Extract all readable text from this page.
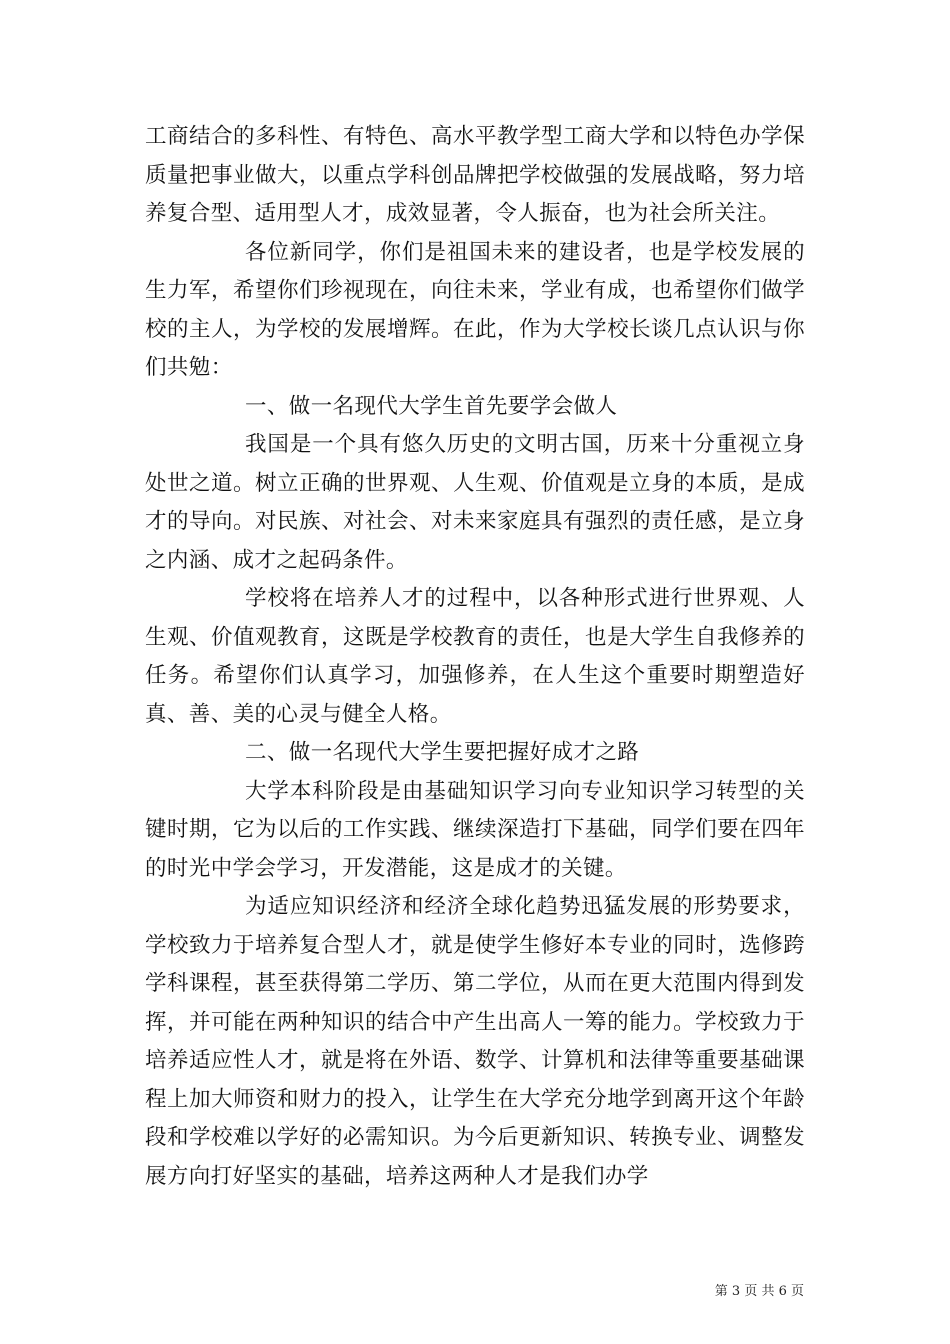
工商结合的多科性、有特色、高水平教学型工商大学和以特色办学保质量把事业做大，以重点学科创品牌把学校做强的发展战略，努力培养复合型、适用型人才，成效显著，令人振奋，也为社会所关注。

各位新同学，你们是祖国未来的建设者，也是学校发展的生力军，希望你们珍视现在，向往未来，学业有成，也希望你们做学校的主人，为学校的发展增辉。在此，作为大学校长谈几点认识与你们共勉：

一、做一名现代大学生首先要学会做人

我国是一个具有悠久历史的文明古国，历来十分重视立身处世之道。树立正确的世界观、人生观、价值观是立身的本质，是成才的导向。对民族、对社会、对未来家庭具有强烈的责任感，是立身之内涵、成才之起码条件。

学校将在培养人才的过程中，以各种形式进行世界观、人生观、价值观教育，这既是学校教育的责任，也是大学生自我修养的任务。希望你们认真学习，加强修养，在人生这个重要时期塑造好真、善、美的心灵与健全人格。

二、做一名现代大学生要把握好成才之路

大学本科阶段是由基础知识学习向专业知识学习转型的关键时期，它为以后的工作实践、继续深造打下基础，同学们要在四年的时光中学会学习，开发潜能，这是成才的关键。

为适应知识经济和经济全球化趋势迅猛发展的形势要求，学校致力于培养复合型人才，就是使学生修好本专业的同时，选修跨学科课程，甚至获得第二学历、第二学位，从而在更大范围内得到发挥，并可能在两种知识的结合中产生出高人一筹的能力。学校致力于培养适应性人才，就是将在外语、数学、计算机和法律等重要基础课程上加大师资和财力的投入，让学生在大学充分地学到离开这个年龄段和学校难以学好的必需知识。为今后更新知识、转换专业、调整发展方向打好坚实的基础，培养这两种人才是我们办学

第 3 页 共 6 页
